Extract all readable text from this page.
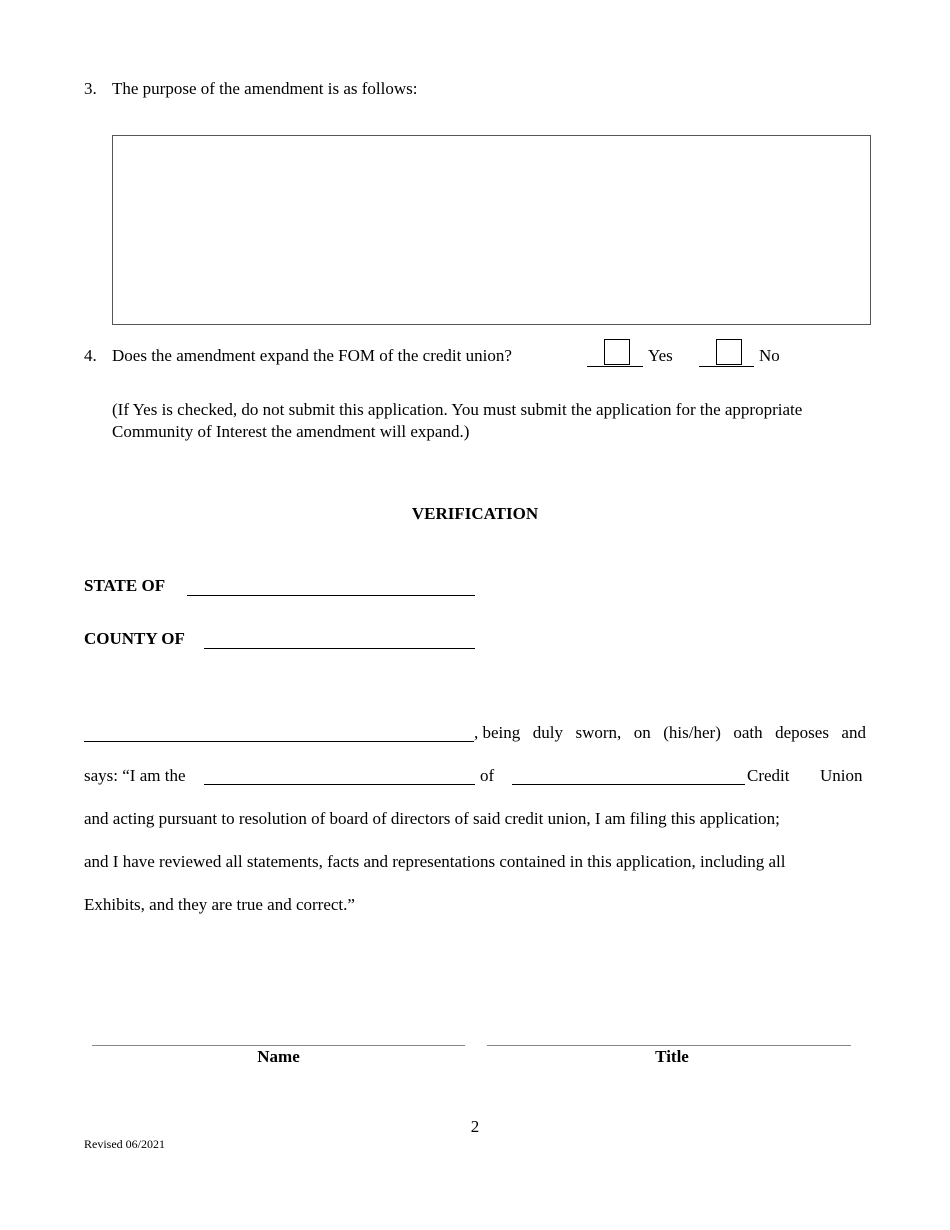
3. The purpose of the amendment is as follows:
4. Does the amendment expand the FOM of the credit union?	Yes	No
(If Yes is checked, do not submit this application. You must submit the application for the appropriate
Community of Interest the amendment will expand.)
VERIFICATION
STATE OF
COUNTY OF
, being duly sworn, on (his/her) oath deposes and
says: “I am the	of	Credit Union
and acting pursuant to resolution of board of directors of said credit union, I am filing this application;
and I have reviewed all statements, facts and representations contained in this application, including all
Exhibits, and they are true and correct.”
Name	Title
2
Revised 06/2021
